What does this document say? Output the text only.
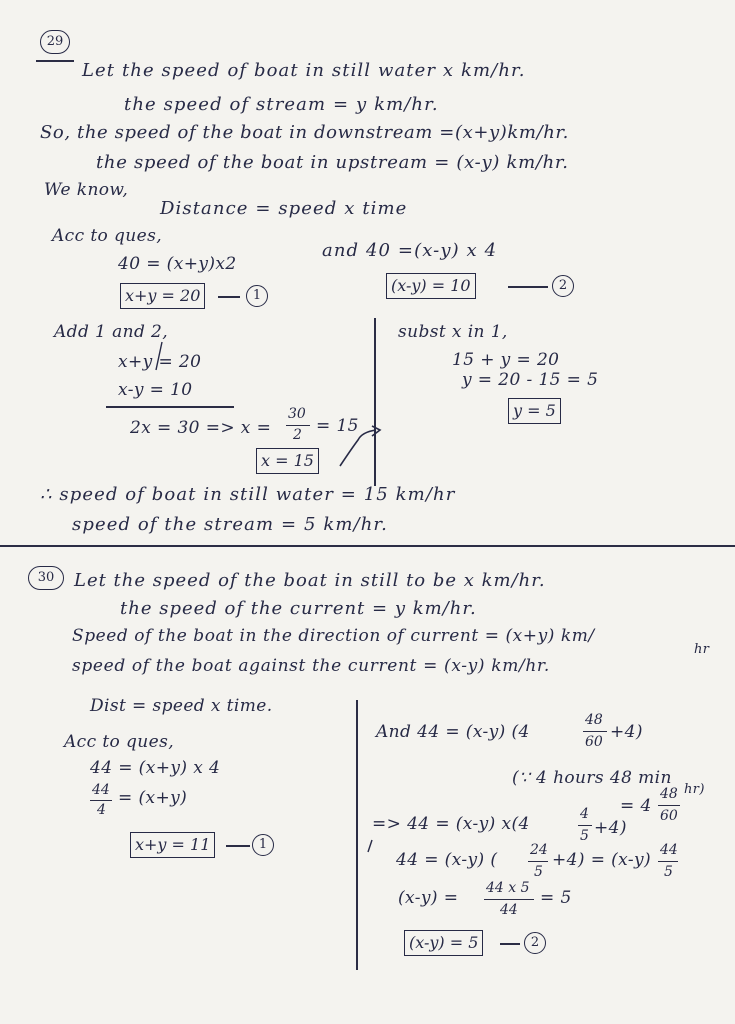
29
Let the speed of boat in still water x km/hr.
the speed of stream = y km/hr.
So, the speed of the boat in downstream =(x+y)km/hr.
the speed of the boat in upstream = (x-y) km/hr.
We know,
Distance = speed x time
Acc to ques,
40 = (x+y)x2
x+y = 20	1
and 40 =(x-y) x 4
(x-y) = 10	2
Add 1 and 2,
x+y = 20
x-y = 10
2x = 30 => x =
30
2 = 15
x = 15
subst x in 1,
15 + y = 20
y = 20 - 15 = 5
y = 5
∴ speed of boat in still water = 15 km/hr
speed of the stream = 5 km/hr.
30	Let the speed of the boat in still to be x km/hr.
the speed of the current = y km/hr.
Speed of the boat in the direction of current = (x+y) km/
hr
speed of the boat against the current = (x-y) km/hr.
Dist = speed x time.
Acc to ques,
44 = (x+y) x 4
44
4
= (x+y)
x+y = 11	1
And 44 = (x-y) (4
48
60 +4)
(∵ 4 hours 48 min
= 4
48
60
hr)
=> 44 = (x-y) x(4	4
5 +4)
44 = (x-y) ( 24
5
+4) = (x-y) 44
5
(x-y) = 44 x 5
44
= 5
(x-y) = 5	2
